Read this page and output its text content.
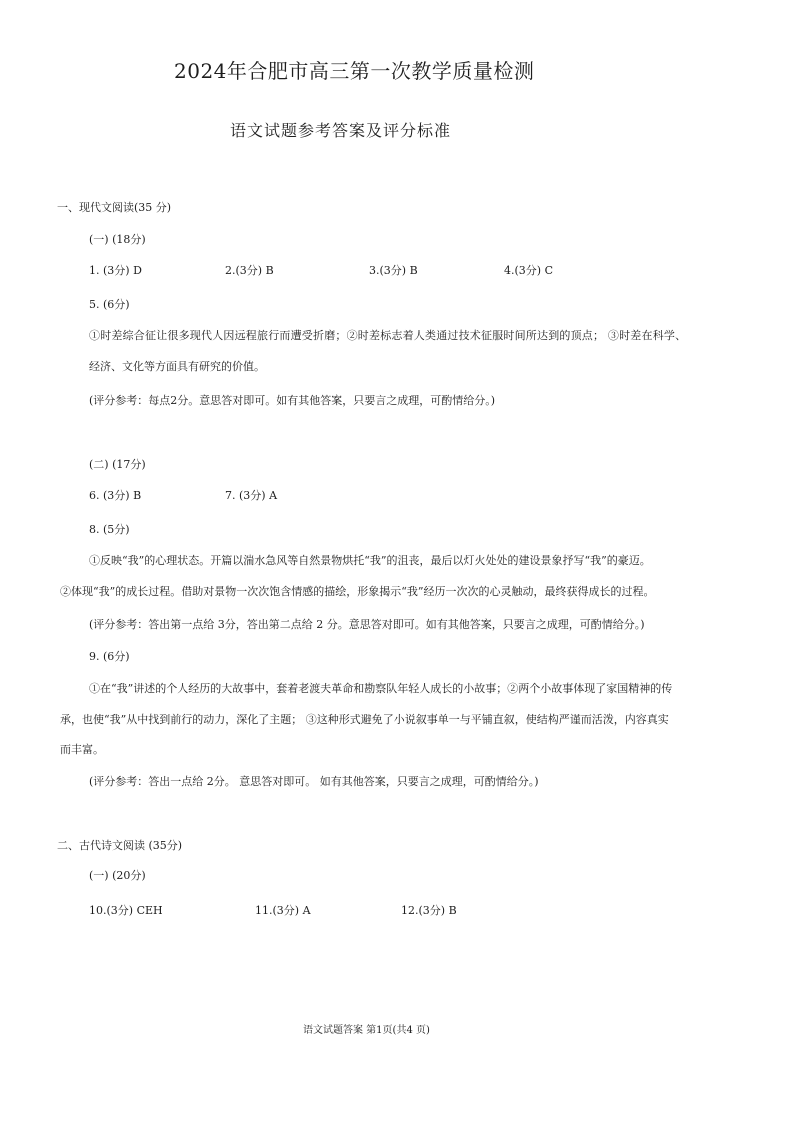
2024年合肥市高三第一次教学质量检测
语文试题参考答案及评分标准
一、现代文阅读(35 分)
(一) (18分)
1. (3分) D	2.(3分) B	3.(3分) B	4.(3分) C
5. (6分)
①时差综合征让很多现代人因远程旅行而遭受折磨；②时差标志着人类通过技术征服时间所达到的顶点； ③时差在科学、
经济、文化等方面具有研究的价值。
(评分参考：每点2分。意思答对即可。如有其他答案，只要言之成理，可酌情给分。)
(二) (17分)
6. (3分) B	7. (3分) A
8. (5分)
①反映“我”的心理状态。开篇以湍水急风等自然景物烘托“我”的沮丧，最后以灯火处处的建设景象抒写“我”的豪迈。
②体现“我”的成长过程。借助对景物一次次饱含情感的描绘，形象揭示“我”经历一次次的心灵触动，最终获得成长的过程。
(评分参考：答出第一点给 3分，答出第二点给 2 分。意思答对即可。如有其他答案，只要言之成理，可酌情给分。)
9. (6分)
①在“我”讲述的个人经历的大故事中，套着老渡夫革命和勘察队年轻人成长的小故事；②两个小故事体现了家国精神的传
承，也使“我”从中找到前行的动力，深化了主题； ③这种形式避免了小说叙事单一与平铺直叙，使结构严谨而活泼，内容真实
而丰富。
(评分参考：答出一点给 2分。 意思答对即可。 如有其他答案，只要言之成理，可酌情给分。)
二、古代诗文阅读 (35分)
(一) (20分)
10.(3分) CEH	11.(3分) A	12.(3分) B
语文试题答案 第1页(共4 页)
